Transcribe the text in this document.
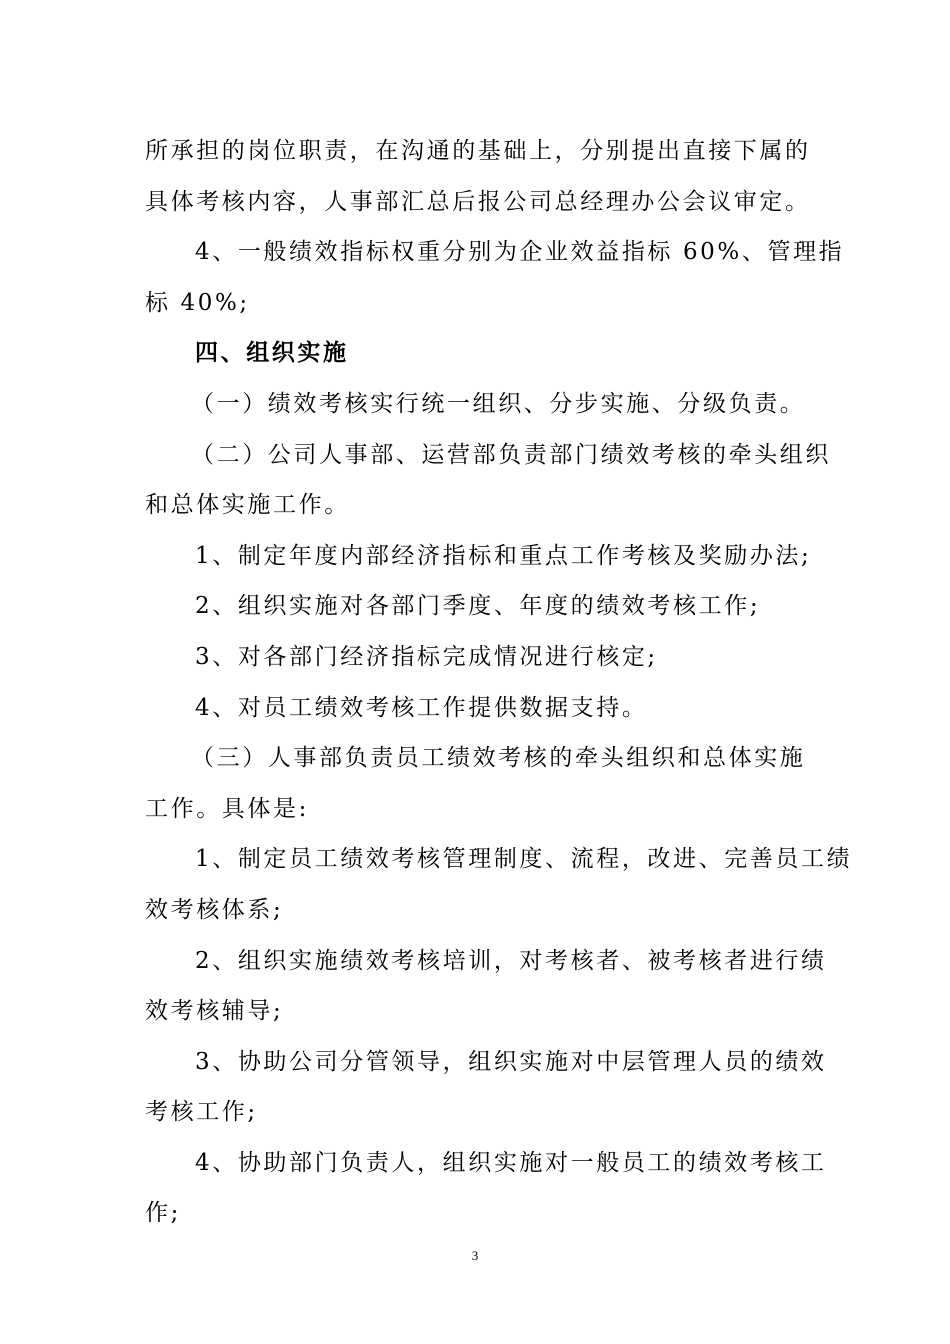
所承担的岗位职责，在沟通的基础上，分别提出直接下属的
具体考核内容，人事部汇总后报公司总经理办公会议审定。
4、一般绩效指标权重分别为企业效益指标 60%、管理指
标 40%;
四、组织实施
（一）绩效考核实行统一组织、分步实施、分级负责。
（二）公司人事部、运营部负责部门绩效考核的牵头组织
和总体实施工作。
1、制定年度内部经济指标和重点工作考核及奖励办法;
2、组织实施对各部门季度、年度的绩效考核工作;
3、对各部门经济指标完成情况进行核定;
4、对员工绩效考核工作提供数据支持。
（三）人事部负责员工绩效考核的牵头组织和总体实施
工作。具体是:
1、制定员工绩效考核管理制度、流程，改进、完善员工绩
效考核体系;
2、组织实施绩效考核培训，对考核者、被考核者进行绩
效考核辅导;
3、协助公司分管领导，组织实施对中层管理人员的绩效
考核工作;
4、协助部门负责人，组织实施对一般员工的绩效考核工
作;
3
